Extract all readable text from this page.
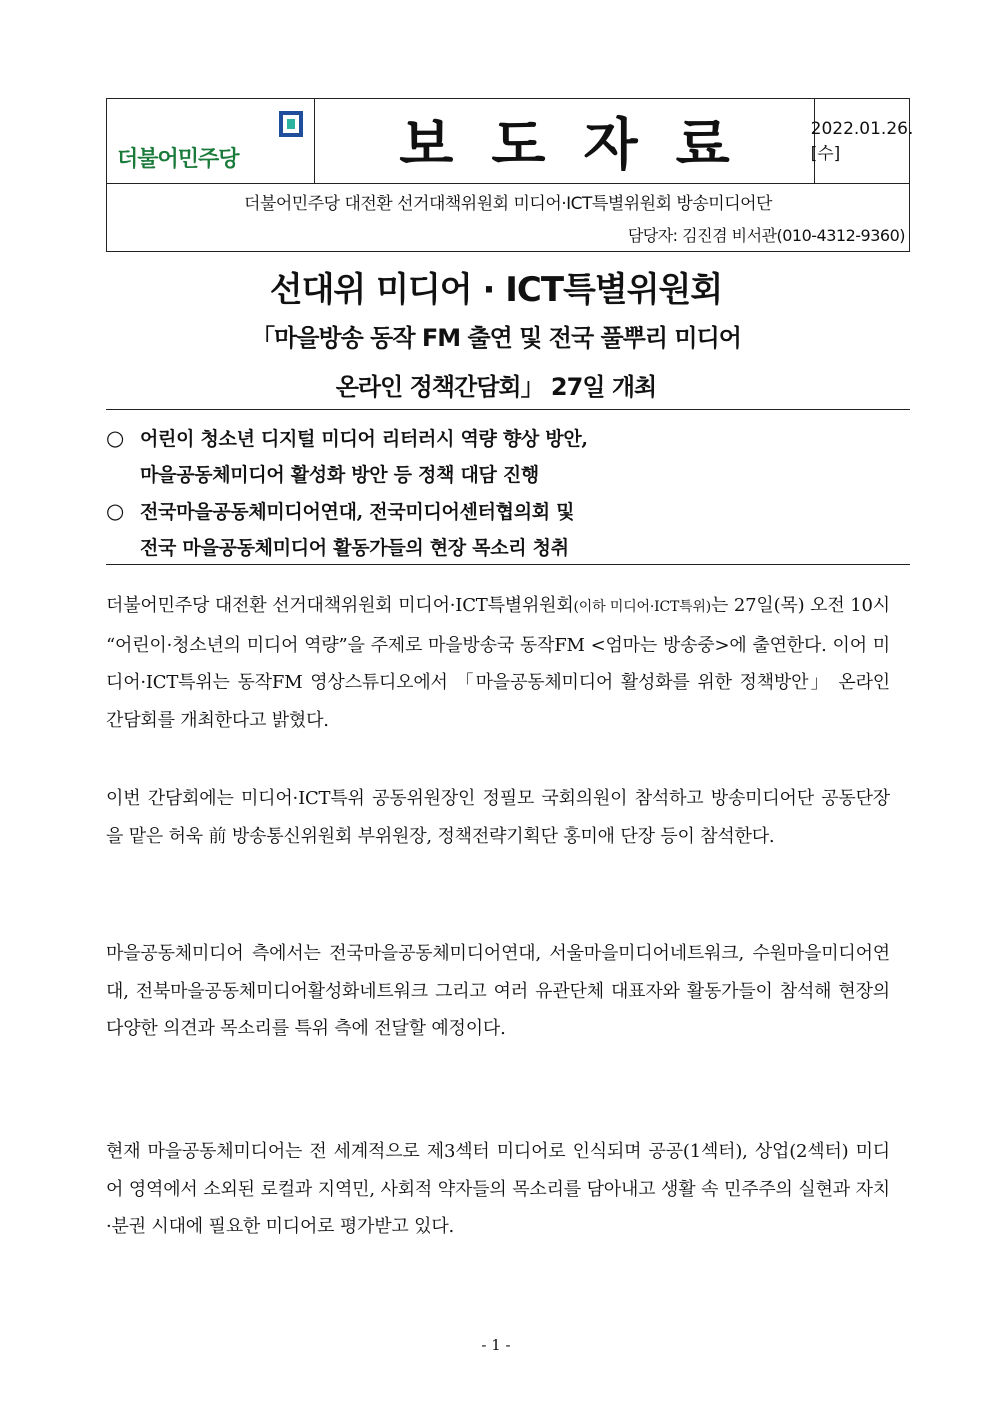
더불어민주당	보도자료	2022.01.26.[수]
더불어민주당 대전환 선거대책위원회 미디어·ICT특별위원회 방송미디어단
담당자: 김진겸 비서관(010-4312-9360)
선대위 미디어 · ICT특별위원회
「마을방송 동작 FM 출연 및 전국 풀뿌리 미디어
온라인 정책간담회」 27일 개최
○ 어린이 청소년 디지털 미디어 리터러시 역량 향상 방안,
마을공동체미디어 활성화 방안 등 정책 대담 진행
○ 전국마을공동체미디어연대, 전국미디어센터협의회 및
전국 마을공동체미디어 활동가들의 현장 목소리 청취
더불어민주당 대전환 선거대책위원회 미디어·ICT특별위원회(이하 미디어·ICT특위)는 27일(목) 오전 10시 “어린이·청소년의 미디어 역량”을 주제로 마을방송국 동작FM <엄마는 방송중>에 출연한다. 이어 미디어·ICT특위는 동작FM 영상스튜디오에서 「마을공동체미디어 활성화를 위한 정책방안」 온라인 간담회를 개최한다고 밝혔다.
이번 간담회에는 미디어·ICT특위 공동위원장인 정필모 국회의원이 참석하고 방송미디어단 공동단장을 맡은 허욱 前 방송통신위원회 부위원장, 정책전략기획단 홍미애 단장 등이 참석한다.
마을공동체미디어 측에서는 전국마을공동체미디어연대, 서울마을미디어네트워크, 수원마을미디어연대, 전북마을공동체미디어활성화네트워크 그리고 여러 유관단체 대표자와 활동가들이 참석해 현장의 다양한 의견과 목소리를 특위 측에 전달할 예정이다.
현재 마을공동체미디어는 전 세계적으로 제3섹터 미디어로 인식되며 공공(1섹터), 상업(2섹터) 미디어 영역에서 소외된 로컬과 지역민, 사회적 약자들의 목소리를 담아내고 생활 속 민주주의 실현과 자치·분권 시대에 필요한 미디어로 평가받고 있다.
- 1 -
